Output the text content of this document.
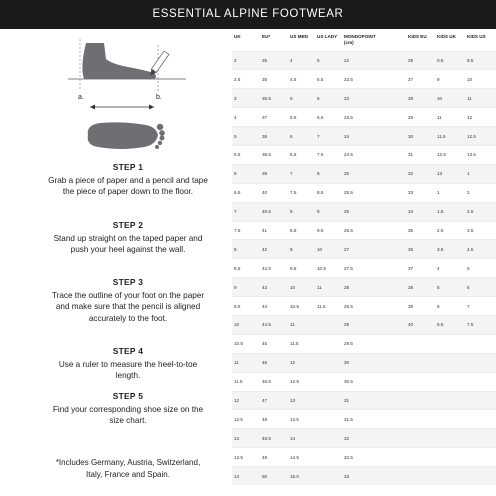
ESSENTIAL ALPINE FOOTWEAR
a.	b.
STEP 1
Grab a piece of paper and a pencil and tape the piece of paper down to the floor.
STEP 2
Stand up straight on the taped paper and push your heel against the wall.
STEP 3
Trace the outline of your foot on the paper and make sure that the pencil is aligned accurately to the foot.
STEP 4
Use a ruler to measure the heel-to-toe length.
STEP 5
Find your corresponding shoe size on the size chart.
*Includes Germany, Austria, Switzerland, Italy, France and Spain.
UK	EU*	US MEN	US LADY	MONDOPOINT (cm)		KIDS EU	KIDS UK	KIDS US
2	35	4	5	22		29	0.5	9.5
2.5	35	4.5	5.5	22.5		27	9	10
3	35.5	5	6	23		28	10	11
4	37	5.5	6.5	23.5		29	11	12
5	38	6	7	24		30	11.5	12.5
5.5	38.5	6.5	7.5	24.5		31	12.5	13.5
6	39	7	8	25		32	13	1
6.5	40	7.5	8.5	25.5		33	1	2
7	40.5	8	9	26		34	1.5	2.5
7.5	41	8.5	9.5	26.5		35	2.5	3.5
8	42	9	10	27		36	3.5	4.5
8.5	42.5	9.5	10.5	27.5		37	4	5
9	43	10	11	28		38	5	6
9.5	44	10.5	11.5	28.5		39	6	7
10	44.5	11		29		40	6.5	7.5
10.5	45	11.5		29.5				
11	46	12		30				
11.5	46.5	12.5		30.5				
12	47	13		31				
12.5	48	13.5		31.5				
13	48.5	14		32				
13.5	49	14.5		32.5				
14	50	15.0		33				
